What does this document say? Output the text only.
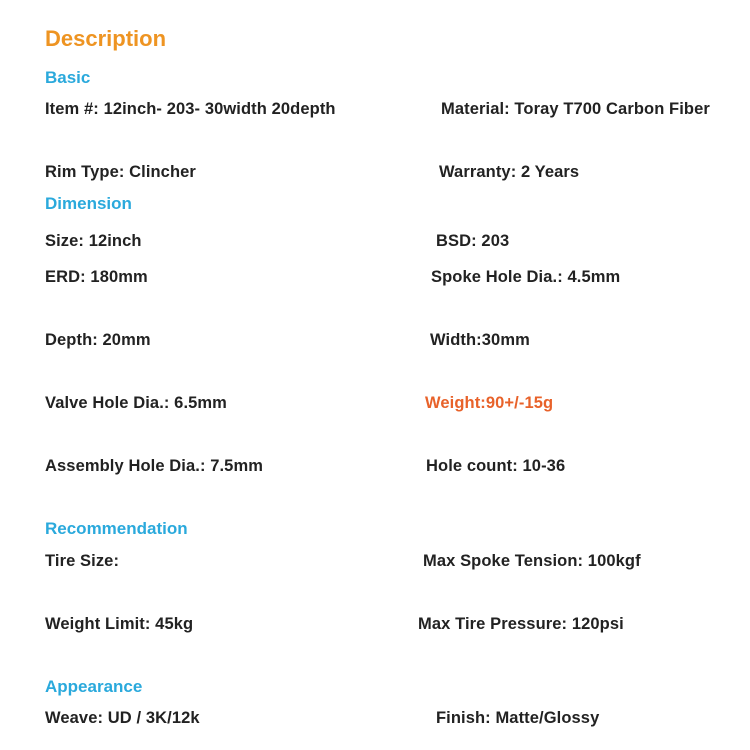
Description
Basic
Item #: 12inch- 203- 30width 20depth	Material: Toray T700 Carbon Fiber
Rim Type: Clincher	Warranty: 2 Years
Dimension
Size: 12inch	BSD: 203
ERD: 180mm	Spoke Hole Dia.: 4.5mm
Depth: 20mm	Width:30mm
Valve Hole Dia.: 6.5mm	Weight:90+/-15g
Assembly Hole Dia.: 7.5mm	Hole count: 10-36
Recommendation
Tire Size:	Max Spoke Tension: 100kgf
Weight Limit: 45kg	Max Tire Pressure: 120psi
Appearance
Weave: UD / 3K/12k	Finish: Matte/Glossy
